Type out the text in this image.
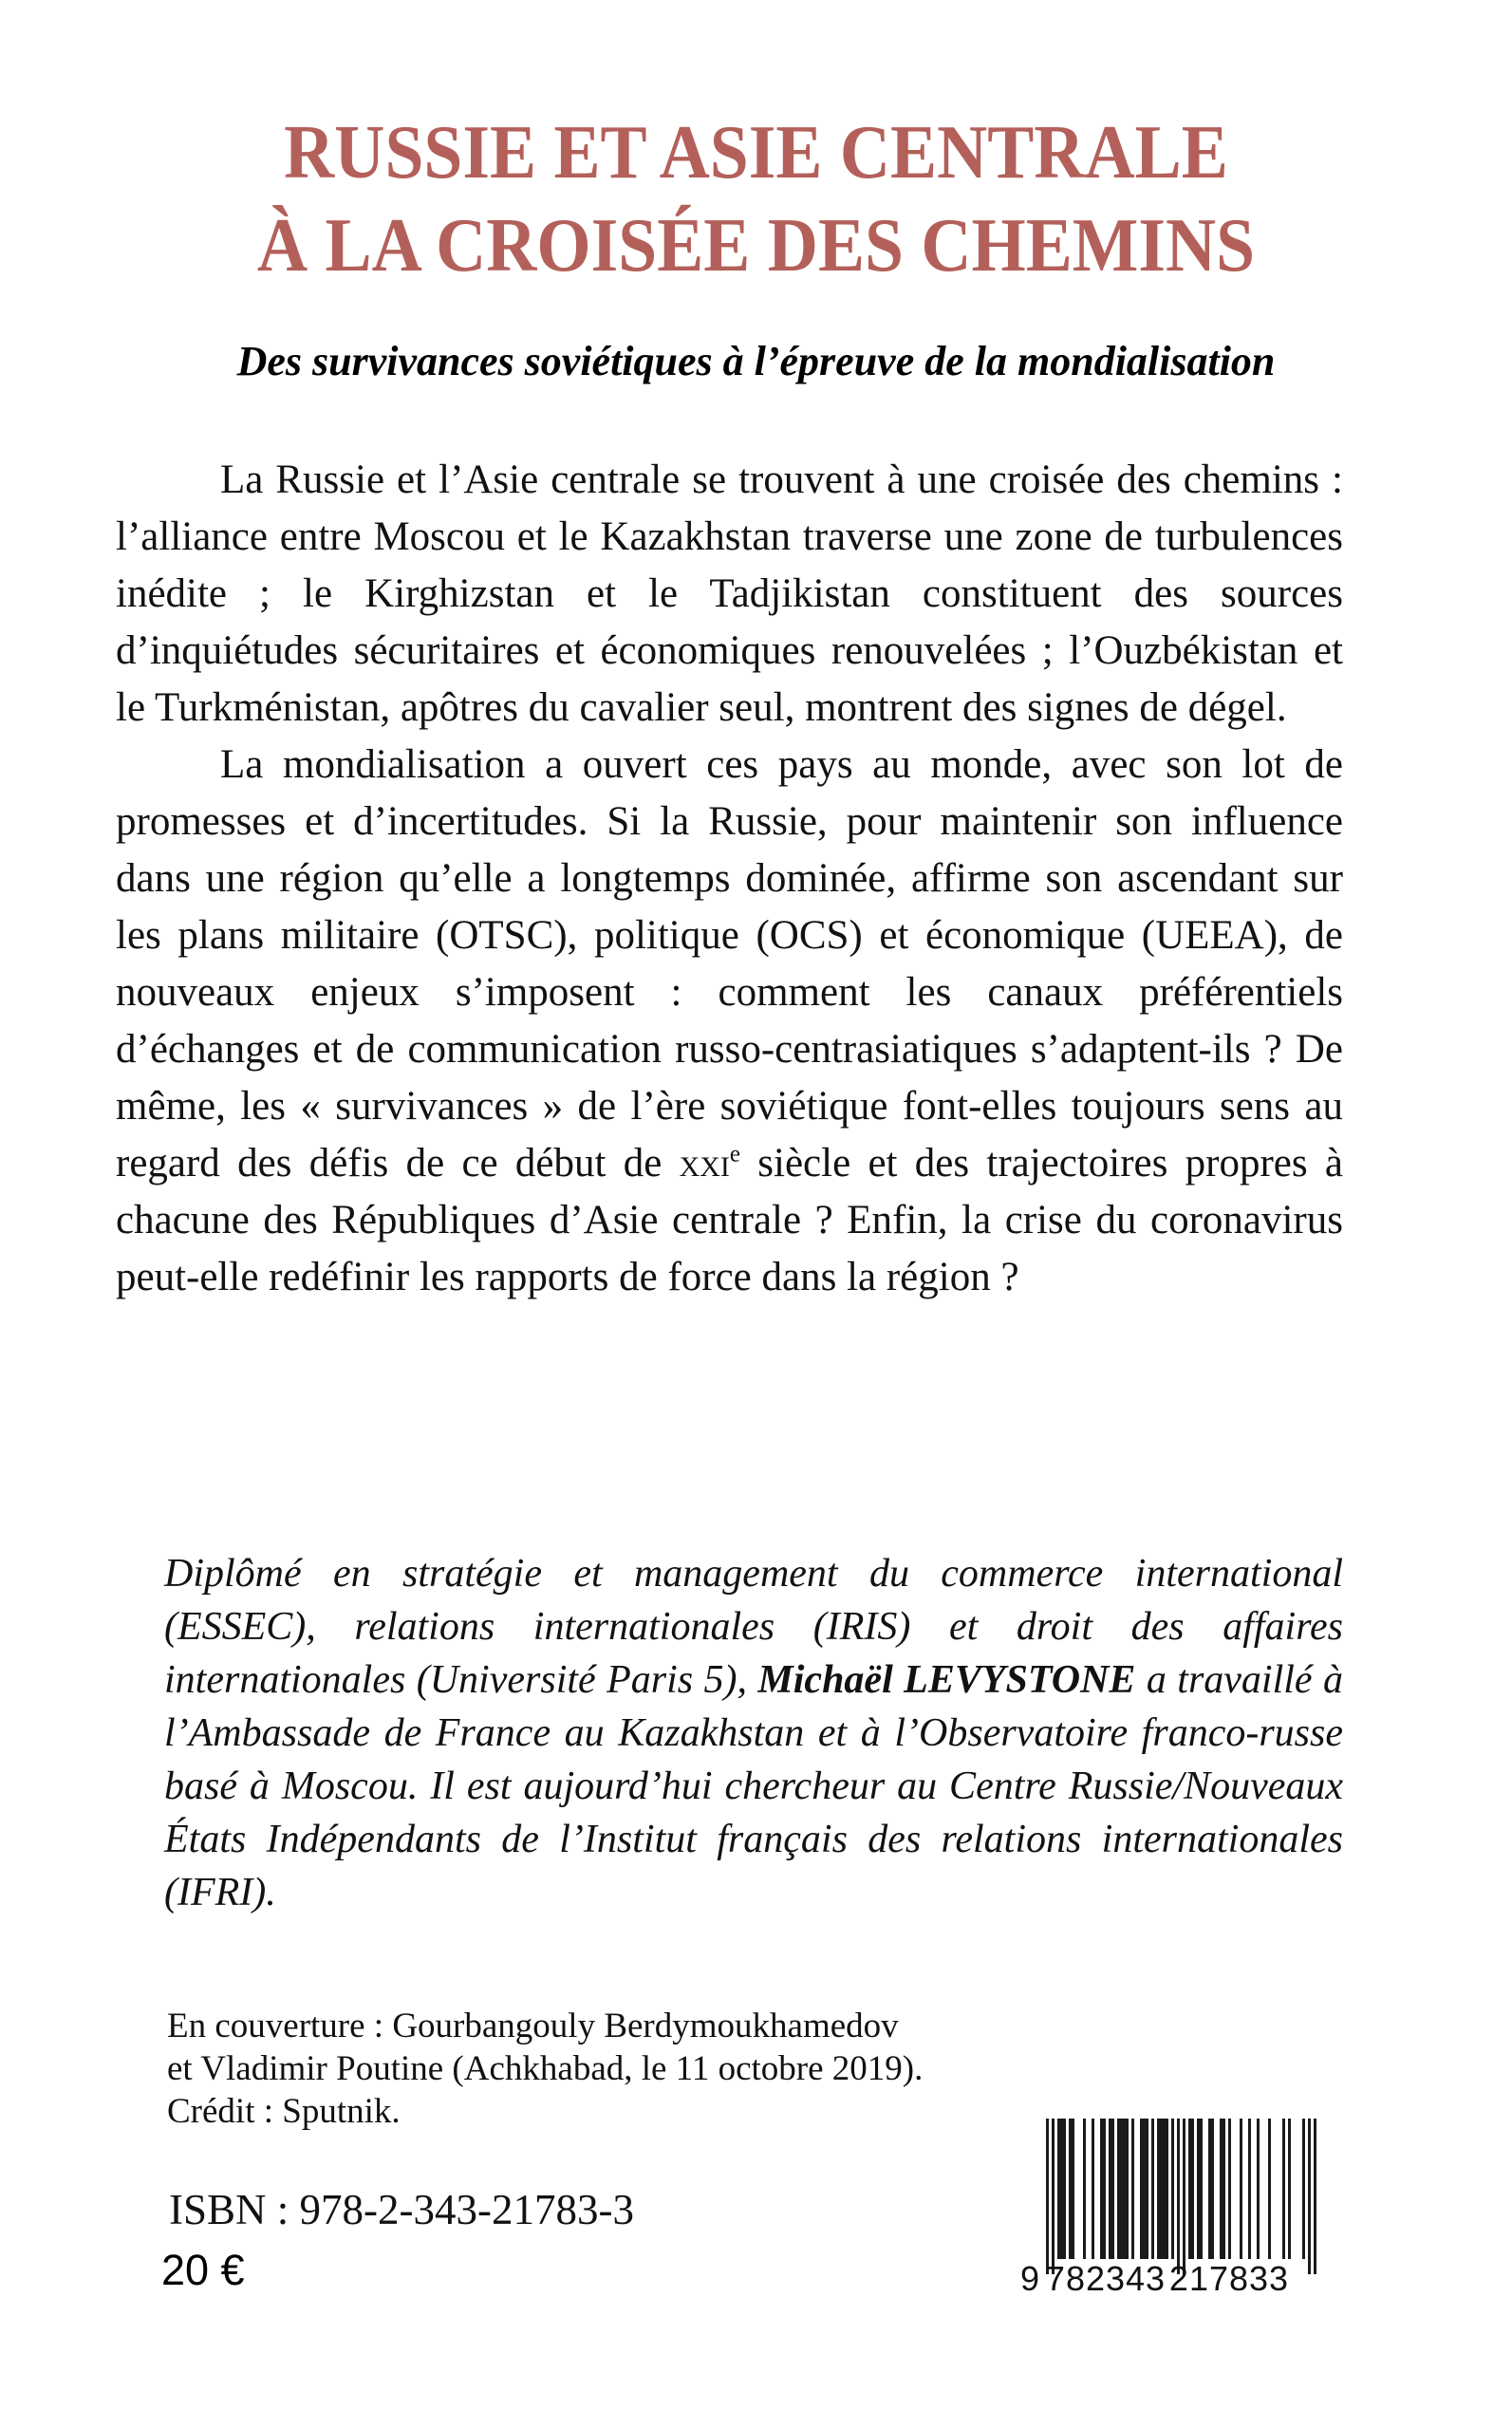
RUSSIE ET ASIE CENTRALE
À LA CROISÉE DES CHEMINS
Des survivances soviétiques à l’épreuve de la mondialisation

La Russie et l’Asie centrale se trouvent à une croisée des chemins : l’alliance entre Moscou et le Kazakhstan traverse une zone de turbulences inédite ; le Kirghizstan et le Tadjikistan constituent des sources d’inquiétudes sécuritaires et économiques renouvelées ; l’Ouzbékistan et le Turkménistan, apôtres du cavalier seul, montrent des signes de dégel.

La mondialisation a ouvert ces pays au monde, avec son lot de promesses et d’incertitudes. Si la Russie, pour maintenir son influence dans une région qu’elle a longtemps dominée, affirme son ascendant sur les plans militaire (OTSC), politique (OCS) et économique (UEEA), de nouveaux enjeux s’imposent : comment les canaux préférentiels d’échanges et de communication russo-centrasiatiques s’adaptent-ils ? De même, les « survivances » de l’ère soviétique font-elles toujours sens au regard des défis de ce début de xxi$^e$ siècle et des trajectoires propres à chacune des Républiques d’Asie centrale ? Enfin, la crise du coronavirus peut-elle redéfinir les rapports de force dans la région ?

Diplômé en stratégie et management du commerce international (ESSEC), relations internationales (IRIS) et droit des affaires internationales (Université Paris 5), Michaël LEVYSTONE a travaillé à l’Ambassade de France au Kazakhstan et à l’Observatoire franco-russe basé à Moscou. Il est aujourd’hui chercheur au Centre Russie/Nouveaux États Indépendants de l’Institut français des relations internationales (IFRI).
En couverture : Gourbangouly Berdymoukhamedov
et Vladimir Poutine (Achkhabad, le 11 octobre 2019).
Crédit : Sputnik.
ISBN : 978-2-343-21783-3
20 €	9 782343 217833
